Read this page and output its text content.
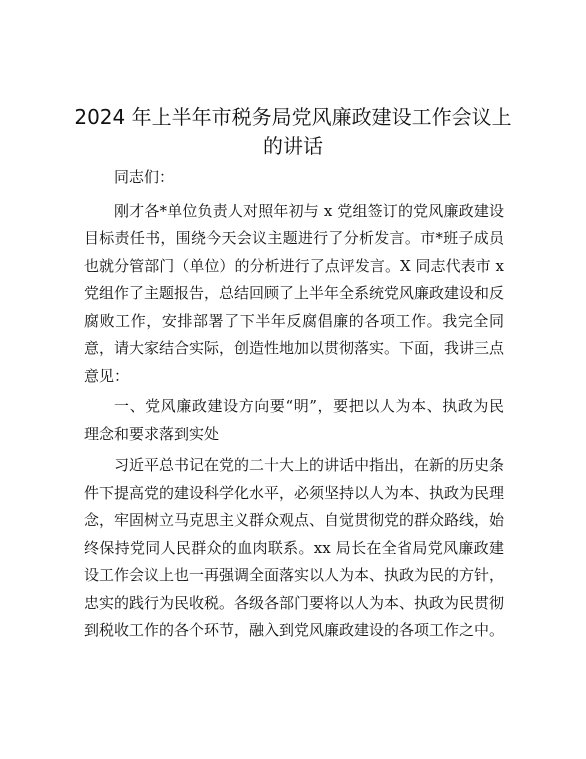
2024 年上半年市税务局党风廉政建设工作会议上的讲话

同志们：

刚才各*单位负责人对照年初与 x 党组签订的党风廉政建设目标责任书，围绕今天会议主题进行了分析发言。市*班子成员也就分管部门（单位）的分析进行了点评发言。X 同志代表市 x 党组作了主题报告，总结回顾了上半年全系统党风廉政建设和反腐败工作，安排部署了下半年反腐倡廉的各项工作。我完全同意，请大家结合实际，创造性地加以贯彻落实。下面，我讲三点意见：

一、党风廉政建设方向要“明”，要把以人为本、执政为民理念和要求落到实处

习近平总书记在党的二十大上的讲话中指出，在新的历史条件下提高党的建设科学化水平，必须坚持以人为本、执政为民理念，牢固树立马克思主义群众观点、自觉贯彻党的群众路线，始终保持党同人民群众的血肉联系。xx 局长在全省局党风廉政建设工作会议上也一再强调全面落实以人为本、执政为民的方针，忠实的践行为民收税。各级各部门要将以人为本、执政为民贯彻到税收工作的各个环节，融入到党风廉政建设的各项工作之中。
